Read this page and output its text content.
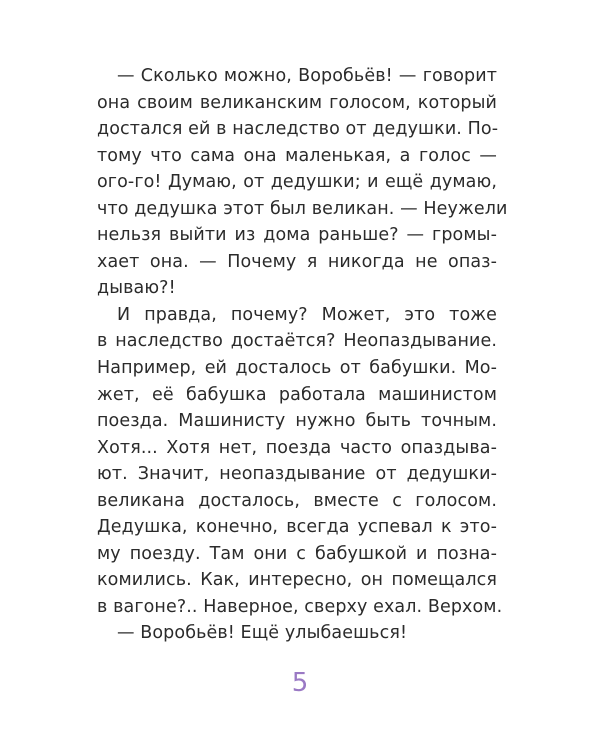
— Сколько можно, Воробьёв! — говорит
она своим великанским голосом, который
достался ей в наследство от дедушки. По-
тому что сама она маленькая, а голос —
ого-го! Думаю, от дедушки; и ещё думаю,
что дедушка этот был великан. — Неужели
нельзя выйти из дома раньше? — громы-
хает она. — Почему я никогда не опаз-
дываю?!
И правда, почему? Может, это тоже
в наследство достаётся? Неопаздывание.
Например, ей досталось от бабушки. Мо-
жет, её бабушка работала машинистом
поезда. Машинисту нужно быть точным.
Хотя... Хотя нет, поезда часто опаздыва-
ют. Значит, неопаздывание от дедушки-
великана досталось, вместе с голосом.
Дедушка, конечно, всегда успевал к это-
му поезду. Там они с бабушкой и позна-
комились. Как, интересно, он помещался
в вагоне?.. Наверное, сверху ехал. Верхом.
— Воробьёв! Ещё улыбаешься!
5
